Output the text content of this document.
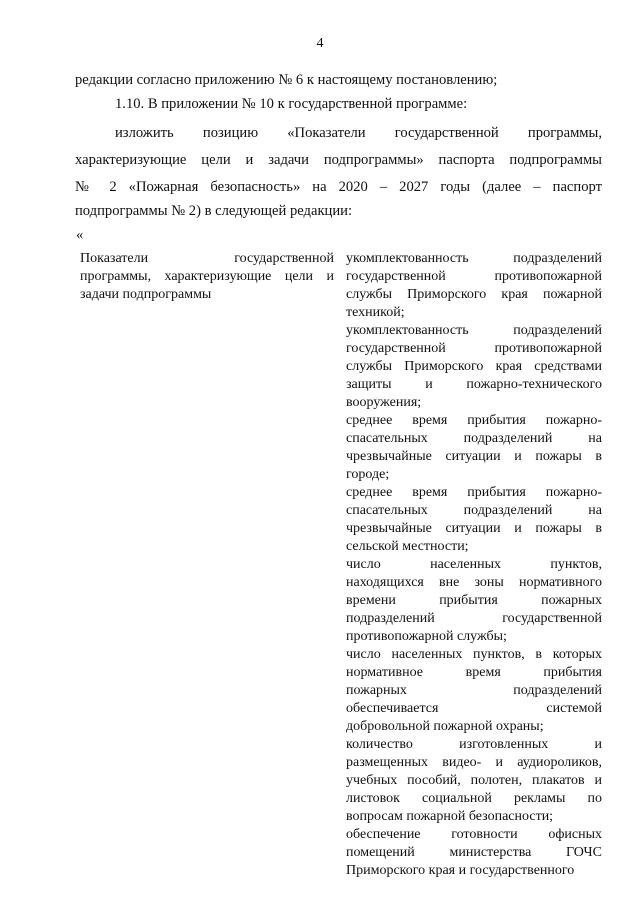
4
редакции согласно приложению № 6 к настоящему постановлению;
1.10. В приложении № 10 к государственной программе:
изложить позицию «Показатели государственной программы,
характеризующие цели и задачи подпрограммы» паспорта подпрограммы
№ 2 «Пожарная безопасность» на 2020 – 2027 годы (далее – паспорт
подпрограммы № 2) в следующей редакции:
«
Показатели государственной
программы, характеризующие цели и
задачи подпрограммы
укомплектованность подразделений
государственной противопожарной
службы Приморского края пожарной
техникой;
укомплектованность подразделений
государственной противопожарной
службы Приморского края средствами
защиты и пожарно-технического
вооружения;
среднее время прибытия пожарно-
спасательных подразделений на
чрезвычайные ситуации и пожары в
городе;
среднее время прибытия пожарно-
спасательных подразделений на
чрезвычайные ситуации и пожары в
сельской местности;
число населенных пунктов,
находящихся вне зоны нормативного
времени прибытия пожарных
подразделений государственной
противопожарной службы;
число населенных пунктов, в которых
нормативное время прибытия
пожарных подразделений
обеспечивается системой
добровольной пожарной охраны;
количество изготовленных и
размещенных видео- и аудиороликов,
учебных пособий, полотен, плакатов и
листовок социальной рекламы по
вопросам пожарной безопасности;
обеспечение готовности офисных
помещений министерства ГОЧС
Приморского края и государственного
